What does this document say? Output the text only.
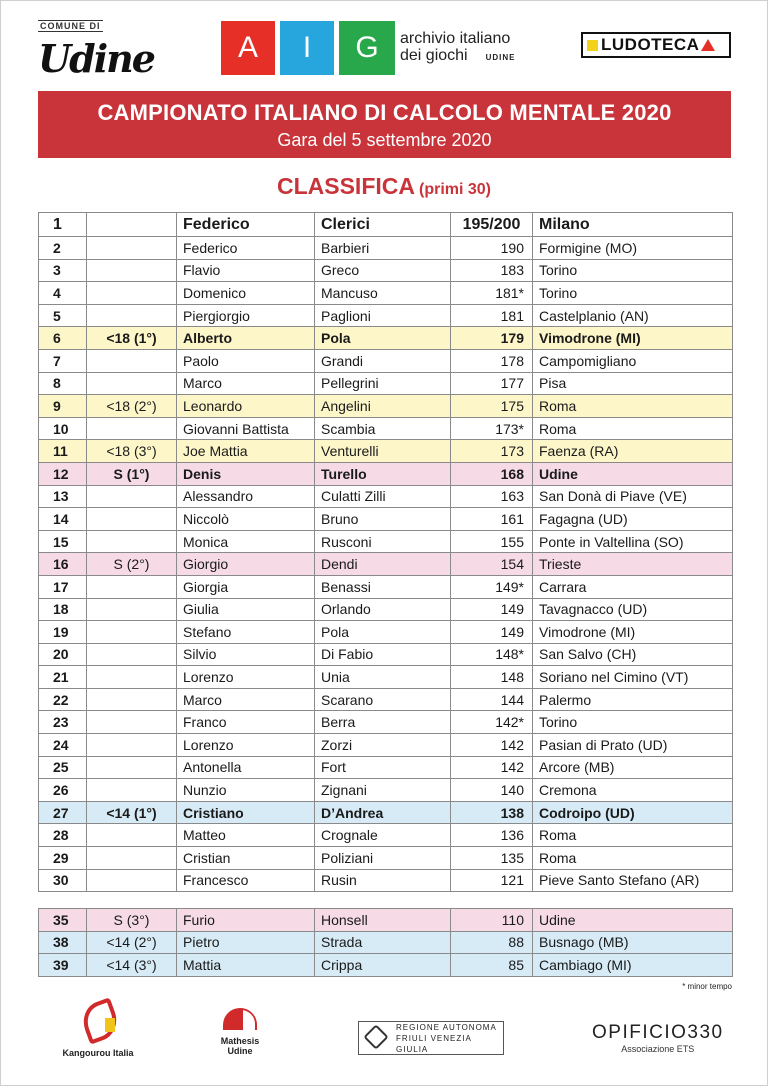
COMUNE DI
Udine	A	I	G	archivio italiano
dei giochi UDINE
LUDOTECA
CAMPIONATO ITALIANO DI CALCOLO MENTALE 2020
Gara del 5 settembre 2020
CLASSIFICA (primi 30)
1		Federico	Clerici	195/200	Milano
2		Federico	Barbieri	190	Formigine (MO)
3		Flavio	Greco	183	Torino
4		Domenico	Mancuso	181*	Torino
5		Piergiorgio	Paglioni	181	Castelplanio (AN)
6	<18 (1°)	Alberto	Pola	179	Vimodrone (MI)
7		Paolo	Grandi	178	Campomigliano
8		Marco	Pellegrini	177	Pisa
9	<18 (2°)	Leonardo	Angelini	175	Roma
10		Giovanni Battista	Scambia	173*	Roma
11	<18 (3°)	Joe Mattia	Venturelli	173	Faenza (RA)
12	S (1°)	Denis	Turello	168	Udine
13		Alessandro	Culatti Zilli	163	San Donà di Piave (VE)
14		Niccolò	Bruno	161	Fagagna (UD)
15		Monica	Rusconi	155	Ponte in Valtellina (SO)
16	S (2°)	Giorgio	Dendi	154	Trieste
17		Giorgia	Benassi	149*	Carrara
18		Giulia	Orlando	149	Tavagnacco (UD)
19		Stefano	Pola	149	Vimodrone (MI)
20		Silvio	Di Fabio	148*	San Salvo (CH)
21		Lorenzo	Unia	148	Soriano nel Cimino (VT)
22		Marco	Scarano	144	Palermo
23		Franco	Berra	142*	Torino
24		Lorenzo	Zorzi	142	Pasian di Prato (UD)
25		Antonella	Fort	142	Arcore (MB)
26		Nunzio	Zignani	140	Cremona
27	<14 (1°)	Cristiano	D’Andrea	138	Codroipo (UD)
28		Matteo	Crognale	136	Roma
29		Cristian	Poliziani	135	Roma
30		Francesco	Rusin	121	Pieve Santo Stefano (AR)
35	S (3°)	Furio	Honsell	110	Udine
38	<14 (2°)	Pietro	Strada	88	Busnago (MB)
39	<14 (3°)	Mattia	Crippa	85	Cambiago (MI)
* minor tempo
Kangourou Italia
Mathesis
Udine
REGIONE AUTONOMA
FRIULI VENEZIA GIULIA
OPIFICIO330
Associazione ETS
